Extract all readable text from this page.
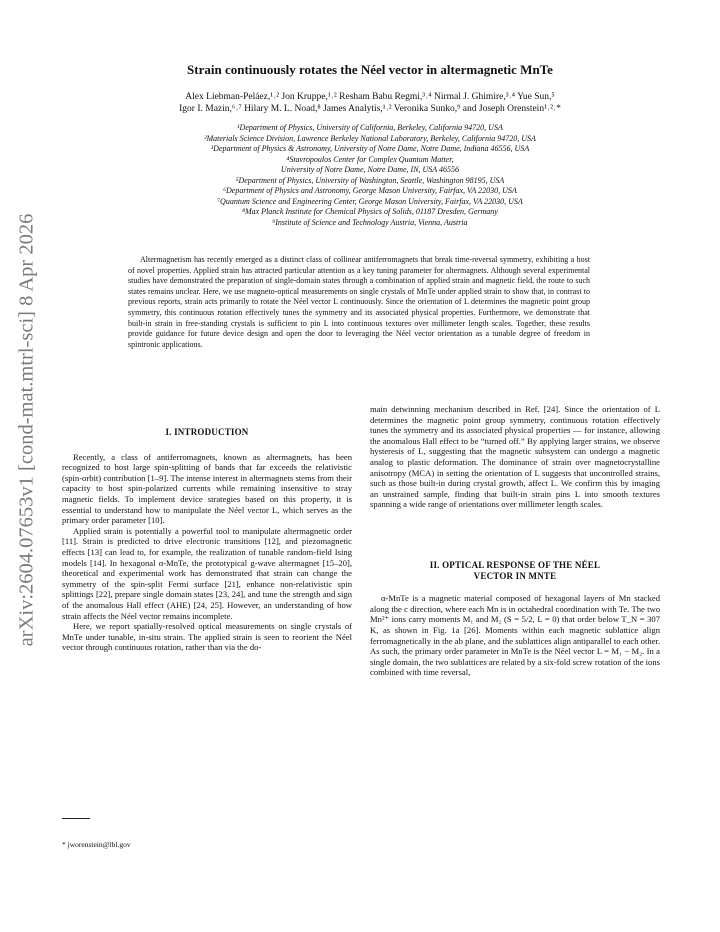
arXiv:2604.07653v1 [cond-mat.mtrl-sci] 8 Apr 2026
Strain continuously rotates the Néel vector in altermagnetic MnTe
Alex Liebman-Peláez,¹˒² Jon Kruppe,¹˒² Resham Babu Regmi,³˒⁴ Nirmal J. Ghimire,³˒⁴ Yue Sun,⁵
Igor I. Mazin,⁶˒⁷ Hilary M. L. Noad,⁸ James Analytis,¹˒² Veronika Sunko,⁹ and Joseph Orenstein¹˒²˒*
¹Department of Physics, University of California, Berkeley, California 94720, USA
²Materials Science Division, Lawrence Berkeley National Laboratory, Berkeley, California 94720, USA
³Department of Physics & Astronomy, University of Notre Dame, Notre Dame, Indiana 46556, USA
⁴Stavropoulos Center for Complex Quantum Matter,
University of Notre Dame, Notre Dame, IN, USA 46556
⁵Department of Physics, University of Washington, Seattle, Washington 98195, USA
⁶Department of Physics and Astronomy, George Mason University, Fairfax, VA 22030, USA
⁷Quantum Science and Engineering Center, George Mason University, Fairfax, VA 22030, USA
⁸Max Planck Institute for Chemical Physics of Solids, 01187 Dresden, Germany
⁹Institute of Science and Technology Austria, Vienna, Austria

Altermagnetism has recently emerged as a distinct class of collinear antiferromagnets that break time-reversal symmetry, exhibiting a host of novel properties. Applied strain has attracted particular attention as a key tuning parameter for altermagnets. Although several experimental studies have demonstrated the preparation of single-domain states through a combination of applied strain and magnetic field, the route to such states remains unclear. Here, we use magneto-optical measurements on single crystals of MnTe under applied strain to show that, in contrast to previous reports, strain acts primarily to rotate the Néel vector L continuously. Since the orientation of L determines the magnetic point group symmetry, this continuous rotation effectively tunes the symmetry and its associated physical properties. Furthermore, we demonstrate that built-in strain in free-standing crystals is sufficient to pin L into continuous textures over millimeter length scales. Together, these results provide guidance for future device design and open the door to leveraging the Néel vector orientation as a tunable degree of freedom in spintronic applications.

I. INTRODUCTION

Recently, a class of antiferromagnets, known as altermagnets, has been recognized to host large spin-splitting of bands that far exceeds the relativistic (spin-orbit) contribution [1–9]. The intense interest in altermagnets stems from their capacity to host spin-polarized currents while remaining insensitive to stray magnetic fields. To implement device strategies based on this property, it is essential to understand how to manipulate the Néel vector L, which serves as the primary order parameter [10].

Applied strain is potentially a powerful tool to manipulate altermagnetic order [11]. Strain is predicted to drive electronic transitions [12], and piezomagnetic effects [13] can lead to, for example, the realization of tunable random-field Ising models [14]. In hexagonal α-MnTe, the prototypical g-wave altermagnet [15–20], theoretical and experimental work has demonstrated that strain can change the symmetry of the spin-split Fermi surface [21], enhance non-relativistic spin splittings [22], prepare single domain states [23, 24], and tune the strength and sign of the anomalous Hall effect (AHE) [24, 25]. However, an understanding of how strain affects the Néel vector remains incomplete.

Here, we report spatially-resolved optical measurements on single crystals of MnTe under tunable, in-situ strain. The applied strain is seen to reorient the Néel vector through continuous rotation, rather than via the do-

main detwinning mechanism described in Ref. [24]. Since the orientation of L determines the magnetic point group symmetry, continuous rotation effectively tunes the symmetry and its associated physical properties — for instance, allowing the anomalous Hall effect to be “turned off.” By applying larger strains, we observe hysteresis of L, suggesting that the magnetic subsystem can undergo a magnetic analog to plastic deformation. The dominance of strain over magnetocrystalline anisotropy (MCA) in setting the orientation of L suggests that uncontrolled strains, such as those built-in during crystal growth, affect L. We confirm this by imaging an unstrained sample, finding that built-in strain pins L into smooth textures spanning a wide range of orientations over millimeter length scales.

II. OPTICAL RESPONSE OF THE NÉEL
VECTOR IN MNTE

α-MnTe is a magnetic material composed of hexagonal layers of Mn stacked along the c direction, where each Mn is in octahedral coordination with Te. The two Mn²⁺ ions carry moments M₁ and M₂ (S = 5/2, L = 0) that order below T_N = 307 K, as shown in Fig. 1a [26]. Moments within each magnetic sublattice align ferromagnetically in the ab plane, and the sublattices align antiparallel to each other. As such, the primary order parameter in MnTe is the Néel vector L = M₁ − M₂. In a single domain, the two sublattices are related by a six-fold screw rotation of the ions combined with time reversal,

* jworenstein@lbl.gov
